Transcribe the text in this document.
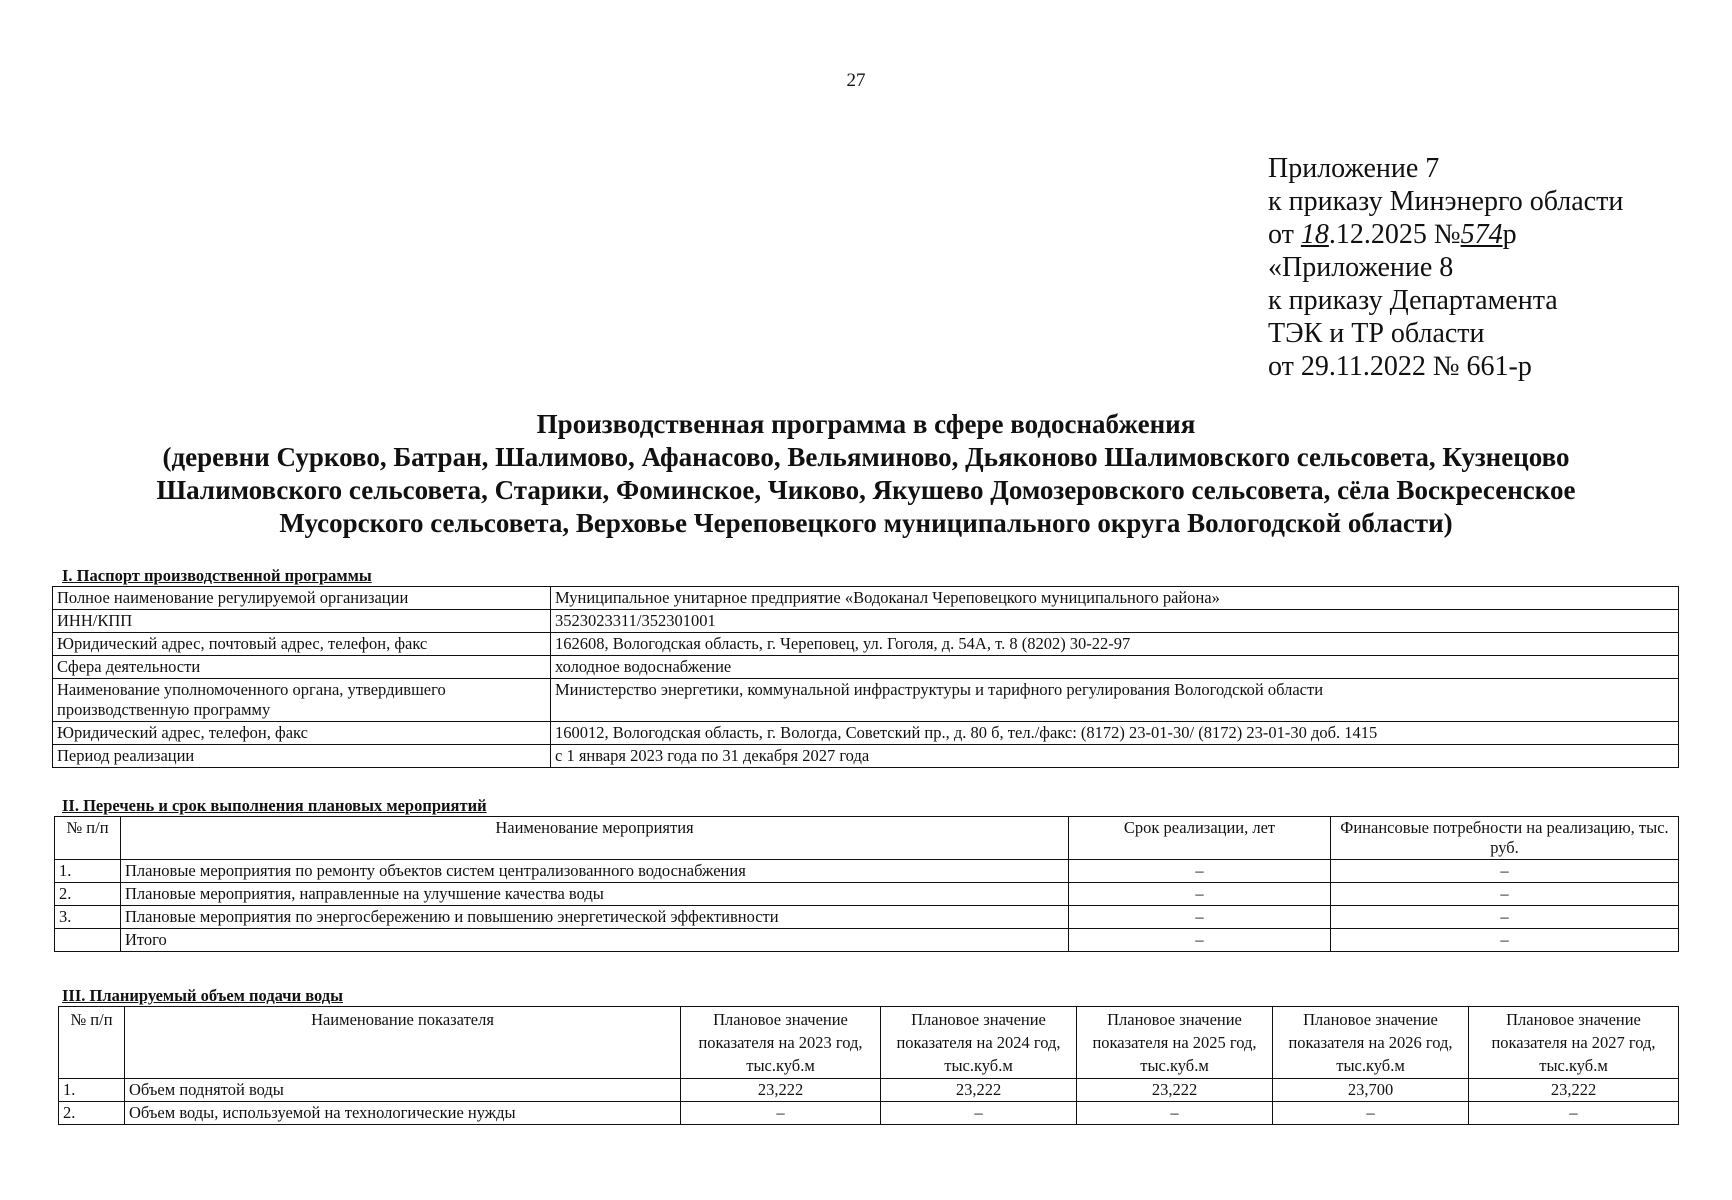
27
Приложение 7
к приказу Минэнерго области
от 18.12.2025 №574р
«Приложение 8
к приказу Департамента
ТЭК и ТР области
от 29.11.2022 № 661-р
Производственная программа в сфере водоснабжения
(деревни Сурково, Батран, Шалимово, Афанасово, Вельяминово, Дьяконово Шалимовского сельсовета, Кузнецово
Шалимовского сельсовета, Старики, Фоминское, Чиково, Якушево Домозеровского сельсовета, сёла Воскресенское
Мусорского сельсовета, Верховье Череповецкого муниципального округа Вологодской области)
I. Паспорт производственной программы
Полное наименование регулируемой организации	Муниципальное унитарное предприятие «Водоканал Череповецкого муниципального района»
ИНН/КПП	3523023311/352301001
Юридический адрес, почтовый адрес, телефон, факс	162608, Вологодская область, г. Череповец, ул. Гоголя, д. 54А, т. 8 (8202) 30-22-97
Сфера деятельности	холодное водоснабжение
Наименование уполномоченного органа, утвердившего производственную программу	Министерство энергетики, коммунальной инфраструктуры и тарифного регулирования Вологодской области
Юридический адрес, телефон, факс	160012, Вологодская область, г. Вологда, Советский пр., д. 80 б, тел./факс: (8172) 23-01-30/ (8172) 23-01-30 доб. 1415
Период реализации	с 1 января 2023 года по 31 декабря 2027 года
II. Перечень и срок выполнения плановых мероприятий
№ п/п	Наименование мероприятия	Срок реализации, лет	Финансовые потребности на реализацию, тыс. руб.
1.	Плановые мероприятия по ремонту объектов систем централизованного водоснабжения	–	–
2.	Плановые мероприятия, направленные на улучшение качества воды	–	–
3.	Плановые мероприятия по энергосбережению и повышению энергетической эффективности	–	–
	Итого	–	–
III. Планируемый объем подачи воды
№ п/п	Наименование показателя	Плановое значение показателя на 2023 год, тыс.куб.м	Плановое значение показателя на 2024 год, тыс.куб.м	Плановое значение показателя на 2025 год, тыс.куб.м	Плановое значение показателя на 2026 год, тыс.куб.м	Плановое значение показателя на 2027 год, тыс.куб.м
1.	Объем поднятой воды	23,222	23,222	23,222	23,700	23,222
2.	Объем воды, используемой на технологические нужды	–	–	–	–	–
